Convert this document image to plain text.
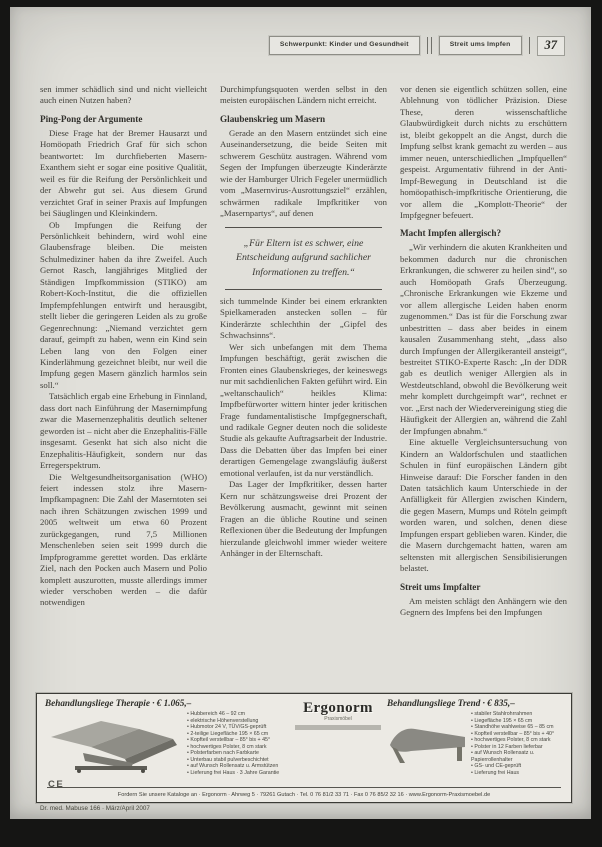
Schwerpunkt: Kinder und Gesundheit	Streit ums Impfen	37
sen immer schädlich sind und nicht vielleicht auch einen Nutzen haben?
Ping-Pong der Argumente
Diese Frage hat der Bremer Hausarzt und Homöopath Friedrich Graf für sich schon beantwortet: Im durchfieberten Masern-Exanthem sieht er sogar eine positive Qualität, weil es für die Reifung der Persönlichkeit und der Abwehr gut sei. Aus diesem Grund verzichtet Graf in seiner Praxis auf Impfungen bei Säuglingen und Kleinkindern.
Ob Impfungen die Reifung der Persönlichkeit behindern, wird wohl eine Glaubensfrage bleiben. Die meisten Schulmediziner haben da ihre Zweifel. Auch Gernot Rasch, langjähriges Mitglied der Ständigen Impfkommission (STIKO) am Robert-Koch-Institut, die die offiziellen Impfempfehlungen entwirft und herausgibt, stellt lieber die geringeren Leiden als zu große Gegenrechnung: „Niemand verzichtet gern darauf, geimpft zu haben, wenn ein Kind sein Leben lang von den Folgen einer Kinderlähmung gezeichnet bleibt, nur weil die Impfung gegen Masern gänzlich harmlos sein soll.“
Tatsächlich ergab eine Erhebung in Finnland, dass dort nach Einführung der Masernimpfung zwar die Masernenzephalitis deutlich seltener geworden ist – nicht aber die Enzephalitis-Fälle insgesamt. Gesenkt hat sich also nicht die Enzephalitis-Häufigkeit, sondern nur das Erregerspektrum.
Die Weltgesundheitsorganisation (WHO) feiert indessen stolz ihre Masern-Impfkampagnen: Die Zahl der Maserntoten sei nach ihren Schätzungen zwischen 1999 und 2005 weltweit um etwa 60 Prozent zurückgegangen, rund 7,5 Millionen Menschenleben seien seit 1999 durch die Impfprogramme gerettet worden. Das erklärte Ziel, nach den Pocken auch Masern und Polio komplett auszurotten, musste allerdings immer wieder verschoben werden – die dafür notwendigen
Durchimpfungsquoten werden selbst in den meisten europäischen Ländern nicht erreicht.
Glaubenskrieg um Masern
Gerade an den Masern entzündet sich eine Auseinandersetzung, die beide Seiten mit schwerem Geschütz austragen. Während vom Segen der Impfungen überzeugte Kinderärzte wie der Hamburger Ulrich Fegeler unermüdlich vom „Masernvirus-Ausrottungsziel“ erzählen, schwärmen radikale Impfkritiker von „Masernpartys“, auf denen
„Für Eltern ist es schwer, eine Entscheidung aufgrund sachlicher Informationen zu treffen.“
sich tummelnde Kinder bei einem erkrankten Spielkameraden anstecken sollen – für Kinderärzte schlechthin der „Gipfel des Schwachsinns“.
Wer sich unbefangen mit dem Thema Impfungen beschäftigt, gerät zwischen die Fronten eines Glaubenskrieges, der keineswegs nur mit sachdienlichen Fakten geführt wird. Ein „weltanschaulich“ heikles Klima: Impfbefürworter wittern hinter jeder kritischen Frage fundamentalistische Impfgegnerschaft, und radikale Gegner deuten noch die solideste Studie als gekaufte Auftragsarbeit der Industrie. Dass die Debatten über das Impfen bei einer derartigen Gemengelage zwangsläufig äußerst emotional verlaufen, ist da nur verständlich.
Das Lager der Impfkritiker, dessen harter Kern nur schätzungsweise drei Prozent der Bevölkerung ausmacht, gewinnt mit seinen Fragen an die übliche Routine und seinen Reflexionen über die Bedeutung der Impfungen hierzulande gleichwohl immer wieder weitere Anhänger in der Elternschaft.
vor denen sie eigentlich schützen sollen, eine Ablehnung von tödlicher Präzision. Diese These, deren wissenschaftliche Glaubwürdigkeit durch nichts zu erschüttern ist, bleibt gekoppelt an die Angst, durch die Impfung selbst krank gemacht zu werden – aus immer neuen, unterschiedlichen „Impfquellen“ gespeist. Argumentativ führend in der Anti-Impf-Bewegung in Deutschland ist die homöopathisch-impfkritische Orientierung, die vor allem die „Komplott-Theorie“ der Impfgegner befeuert.
Macht Impfen allergisch?
„Wir verhindern die akuten Krankheiten und bekommen dadurch nur die chronischen Erkrankungen, die schwerer zu heilen sind“, so auch Homöopath Grafs Überzeugung. „Chronische Erkrankungen wie Ekzeme und vor allem allergische Leiden haben enorm zugenommen.“ Das ist für die Forschung zwar unbestritten – dass aber beides in einem kausalen Zusammenhang steht, „dass also durch Impfungen der Allergikeranteil ansteigt“, bestreitet STIKO-Experte Rasch: „In der DDR gab es deutlich weniger Allergien als in Westdeutschland, obwohl die Bevölkerung weit mehr komplett durchgeimpft war“, rechnet er vor. „Erst nach der Wiedervereinigung stieg die Häufigkeit der Allergien an, während die Zahl der Impfungen abnahm.“
Eine aktuelle Vergleichsuntersuchung von Kindern an Waldorfschulen und staatlichen Schulen in fünf europäischen Ländern gibt Hinweise darauf: Die Forscher fanden in den Daten tatsächlich kaum Unterschiede in der Anfälligkeit für Allergien zwischen Kindern, die gegen Masern, Mumps und Röteln geimpft worden waren, und solchen, denen diese Impfungen erspart geblieben waren. Kinder, die die Masern durchgemacht hatten, waren am seltensten mit allergischen Sensibilisierungen belastet.
Streit ums Impfalter
Am meisten schlägt den Anhängern wie den Gegnern des Impfens bei den Impfungen
Behandlungsliege Therapie · € 1.065,–
• Hubbereich 46 – 92 cm
• elektrische Höhenverstellung
• Hubmotor 24 V, TÜV/GS-geprüft
• 2-teilige Liegefläche 195 × 65 cm
• Kopfteil verstellbar – 85° bis + 45°
• hochwertiges Polster, 8 cm stark
• Polsterfarben nach Farbkarte
• Unterbau stabil pulverbeschichtet
• auf Wunsch Rollensatz u. Armstützen
• Lieferung frei Haus · 3 Jahre Garantie
Ergonorm
Praxismöbel
Behandlungsliege Trend · € 835,–
• stabiler Stahlrohrrahmen
• Liegefläche 195 × 65 cm
• Standhöhe wahlweise 65 – 85 cm
• Kopfteil verstellbar – 85° bis + 40°
• hochwertiges Polster, 8 cm stark
• Polster in 12 Farben lieferbar
• auf Wunsch Rollensatz u. Papierrollenhalter
• GS- und CE-geprüft
• Lieferung frei Haus
CE
Fordern Sie unsere Kataloge an · Ergonorm · Ahrweg 5 · 79261 Gutach · Tel. 0 76 81/2 33 71 · Fax 0 76 85/2 32 16 · www.Ergonorm-Praxismoebel.de
Dr. med. Mabuse 166 · März/April 2007
